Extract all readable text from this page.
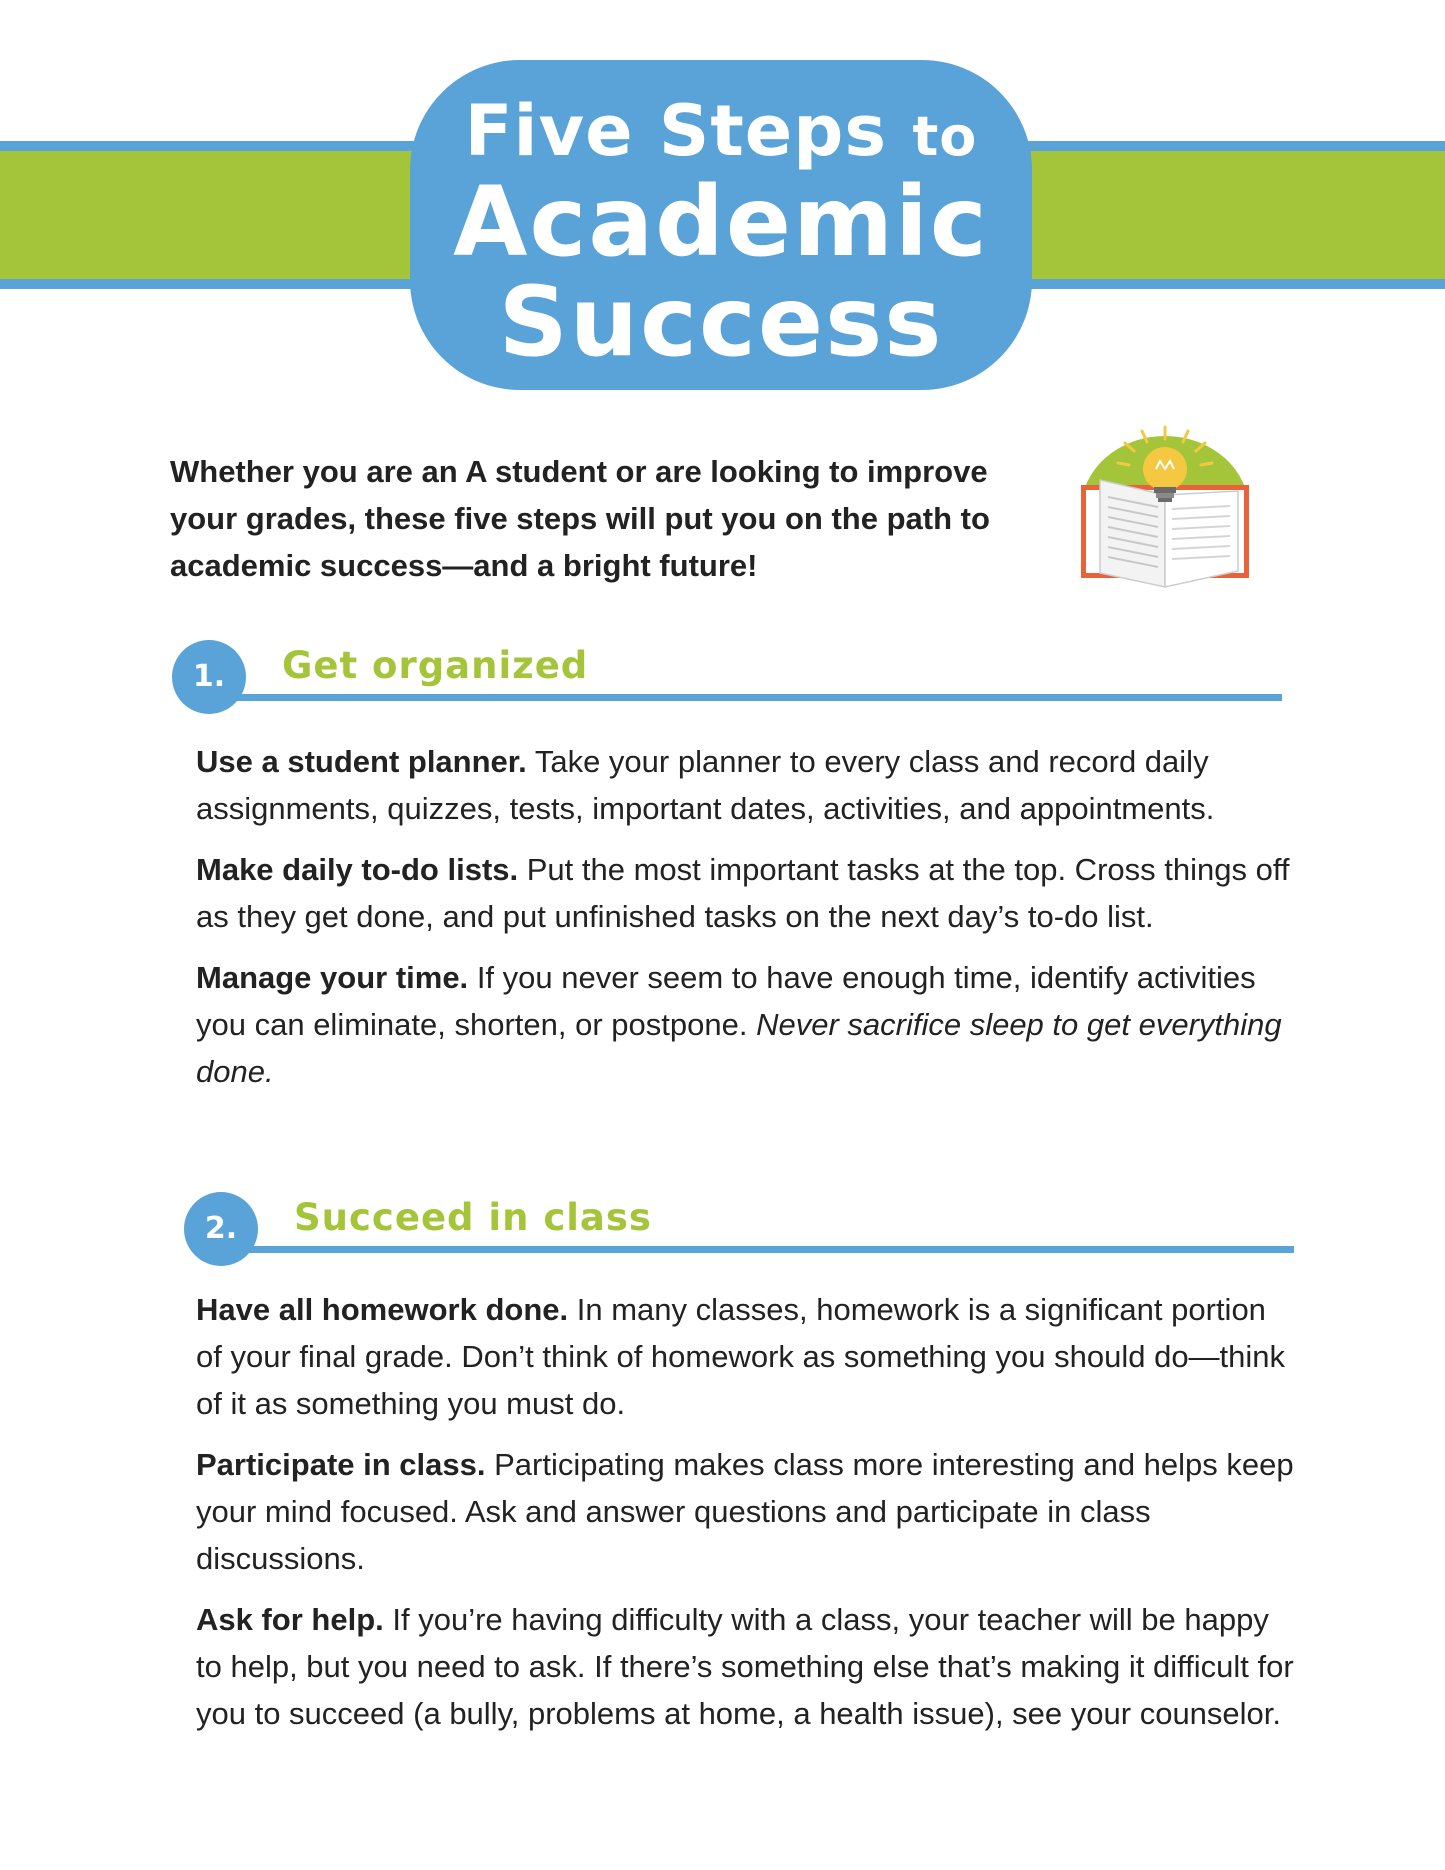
Five Steps to
Academic
Success
Whether you are an A student or are looking to improve your grades, these five steps will put you on the path to academic success—and a bright future!
1.	Get organized

Use a student planner. Take your planner to every class and record daily assignments, quizzes, tests, important dates, activities, and appointments.

Make daily to-do lists. Put the most important tasks at the top. Cross things off as they get done, and put unfinished tasks on the next day’s to-do list.

Manage your time. If you never seem to have enough time, identify activities you can eliminate, shorten, or postpone. Never sacrifice sleep to get everything done.

2.	Succeed in class

Have all homework done. In many classes, homework is a significant portion of your final grade. Don’t think of homework as something you should do—think of it as something you must do.

Participate in class. Participating makes class more interesting and helps keep your mind focused. Ask and answer questions and participate in class discussions.

Ask for help. If you’re having difficulty with a class, your teacher will be happy to help, but you need to ask. If there’s something else that’s making it difficult for you to succeed (a bully, problems at home, a health issue), see your counselor.
